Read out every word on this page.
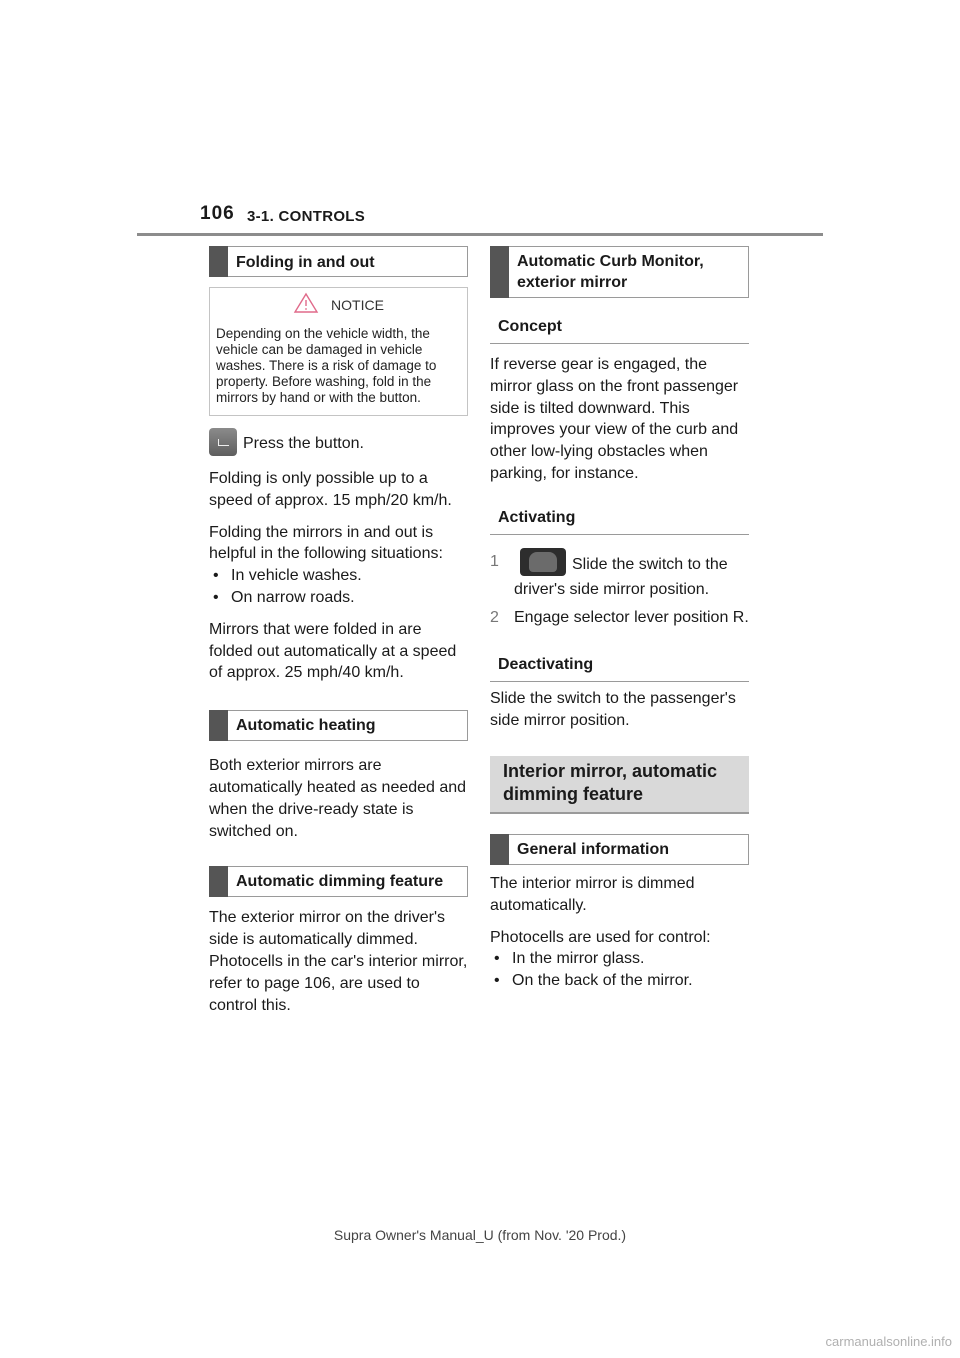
106 3-1. CONTROLS
Folding in and out
NOTICE
Depending on the vehicle width, the vehicle can be damaged in vehicle washes. There is a risk of damage to property. Before washing, fold in the mirrors by hand or with the button.

Press the button.

Folding is only possible up to a speed of approx. 15 mph/20 km/h.

Folding the mirrors in and out is helpful in the following situations:

• In vehicle washes.
• On narrow roads.

Mirrors that were folded in are folded out automatically at a speed of approx. 25 mph/40 km/h.

Automatic heating

Both exterior mirrors are automatically heated as needed and when the drive-ready state is switched on.

Automatic dimming feature

The exterior mirror on the driver's side is automatically dimmed. Photocells in the car's interior mirror, refer to page 106, are used to control this.

Automatic Curb Monitor, exterior mirror
Concept

If reverse gear is engaged, the mirror glass on the front passenger side is tilted downward. This improves your view of the curb and other low-lying obstacles when parking, for instance.

Activating
1	Slide the switch to the driver's side mirror position.
2 Engage selector lever position R.
Deactivating

Slide the switch to the passenger's side mirror position.

Interior mirror, automatic dimming feature
General information

The interior mirror is dimmed automatically.

Photocells are used for control:

• In the mirror glass.
• On the back of the mirror.
Supra Owner's Manual_U (from Nov. '20 Prod.)
carmanualsonline.info
